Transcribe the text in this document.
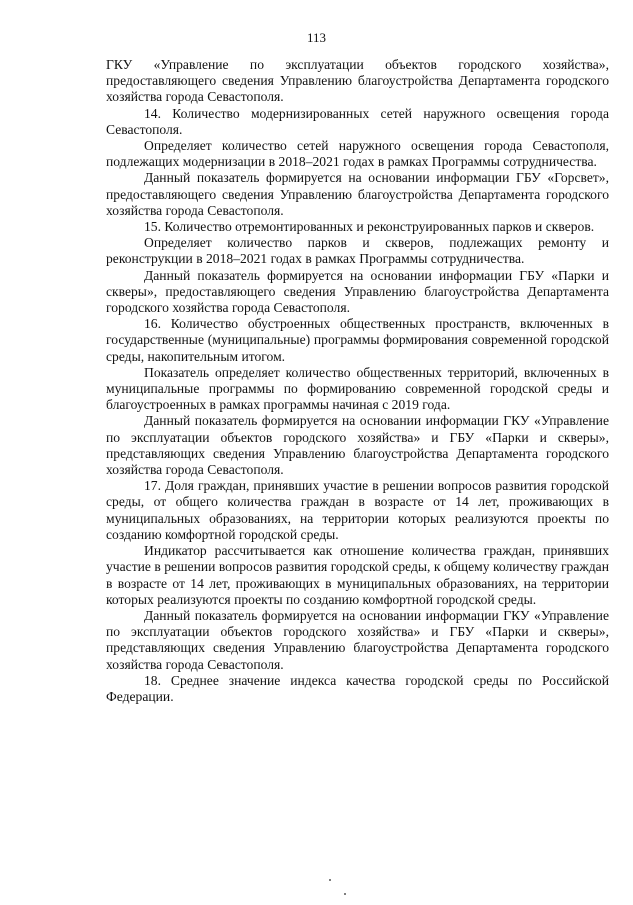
113

ГКУ «Управление по эксплуатации объектов городского хозяйства», предоставляющего сведения Управлению благоустройства Департамента городского хозяйства города Севастополя.

14. Количество модернизированных сетей наружного освещения города Севастополя.

Определяет количество сетей наружного освещения города Севастополя, подлежащих модернизации в 2018–2021 годах в рамках Программы сотрудничества.

Данный показатель формируется на основании информации ГБУ «Горсвет», предоставляющего сведения Управлению благоустройства Департамента городского хозяйства города Севастополя.

15. Количество отремонтированных и реконструированных парков и скверов.

Определяет количество парков и скверов, подлежащих ремонту и реконструкции в 2018–2021 годах в рамках Программы сотрудничества.

Данный показатель формируется на основании информации ГБУ «Парки и скверы», предоставляющего сведения Управлению благоустройства Департамента городского хозяйства города Севастополя.

16. Количество обустроенных общественных пространств, включенных в государственные (муниципальные) программы формирования современной городской среды, накопительным итогом.

Показатель определяет количество общественных территорий, включенных в муниципальные программы по формированию современной городской среды и благоустроенных в рамках программы начиная с 2019 года.

Данный показатель формируется на основании информации ГКУ «Управление по эксплуатации объектов городского хозяйства» и ГБУ «Парки и скверы», представляющих сведения Управлению благоустройства Департамента городского хозяйства города Севастополя.

17. Доля граждан, принявших участие в решении вопросов развития городской среды, от общего количества граждан в возрасте от 14 лет, проживающих в муниципальных образованиях, на территории которых реализуются проекты по созданию комфортной городской среды.

Индикатор рассчитывается как отношение количества граждан, принявших участие в решении вопросов развития городской среды, к общему количеству граждан в возрасте от 14 лет, проживающих в муниципальных образованиях, на территории которых реализуются проекты по созданию комфортной городской среды.

Данный показатель формируется на основании информации ГКУ «Управление по эксплуатации объектов городского хозяйства» и ГБУ «Парки и скверы», представляющих сведения Управлению благоустройства Департамента городского хозяйства города Севастополя.

18. Среднее значение индекса качества городской среды по Российской Федерации.
